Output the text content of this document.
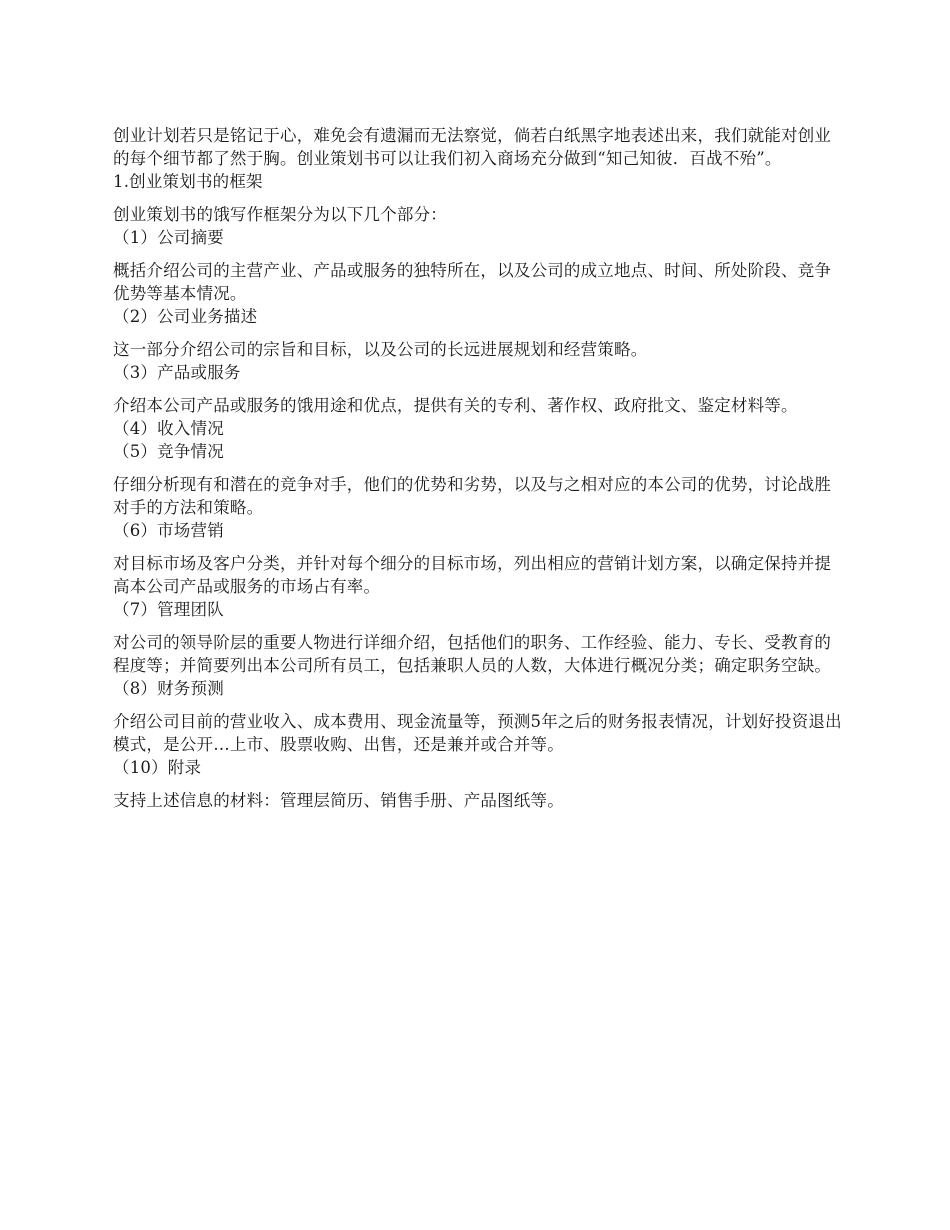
创业计划若只是铭记于心，难免会有遗漏而无法察觉，倘若白纸黑字地表述出来，我们就能对创业的每个细节都了然于胸。创业策划书可以让我们初入商场充分做到“知己知彼．百战不殆”。

1.创业策划书的框架

创业策划书的饿写作框架分为以下几个部分：

（1）公司摘要

概括介绍公司的主营产业、产品或服务的独特所在，以及公司的成立地点、时间、所处阶段、竞争优势等基本情况。

（2）公司业务描述

这一部分介绍公司的宗旨和目标，以及公司的长远进展规划和经营策略。

（3）产品或服务

介绍本公司产品或服务的饿用途和优点，提供有关的专利、著作权、政府批文、鉴定材料等。

（4）收入情况

（5）竞争情况

仔细分析现有和潜在的竞争对手，他们的优势和劣势，以及与之相对应的本公司的优势，讨论战胜对手的方法和策略。

（6）市场营销

对目标市场及客户分类，并针对每个细分的目标市场，列出相应的营销计划方案，以确定保持并提高本公司产品或服务的市场占有率。

（7）管理团队

对公司的领导阶层的重要人物进行详细介绍，包括他们的职务、工作经验、能力、专长、受教育的程度等；并简要列出本公司所有员工，包括兼职人员的人数，大体进行概况分类；确定职务空缺。

（8）财务预测

介绍公司目前的营业收入、成本费用、现金流量等，预测5年之后的财务报表情况，计划好投资退出模式，是公开…上市、股票收购、出售，还是兼并或合并等。

（10）附录

支持上述信息的材料：管理层简历、销售手册、产品图纸等。
